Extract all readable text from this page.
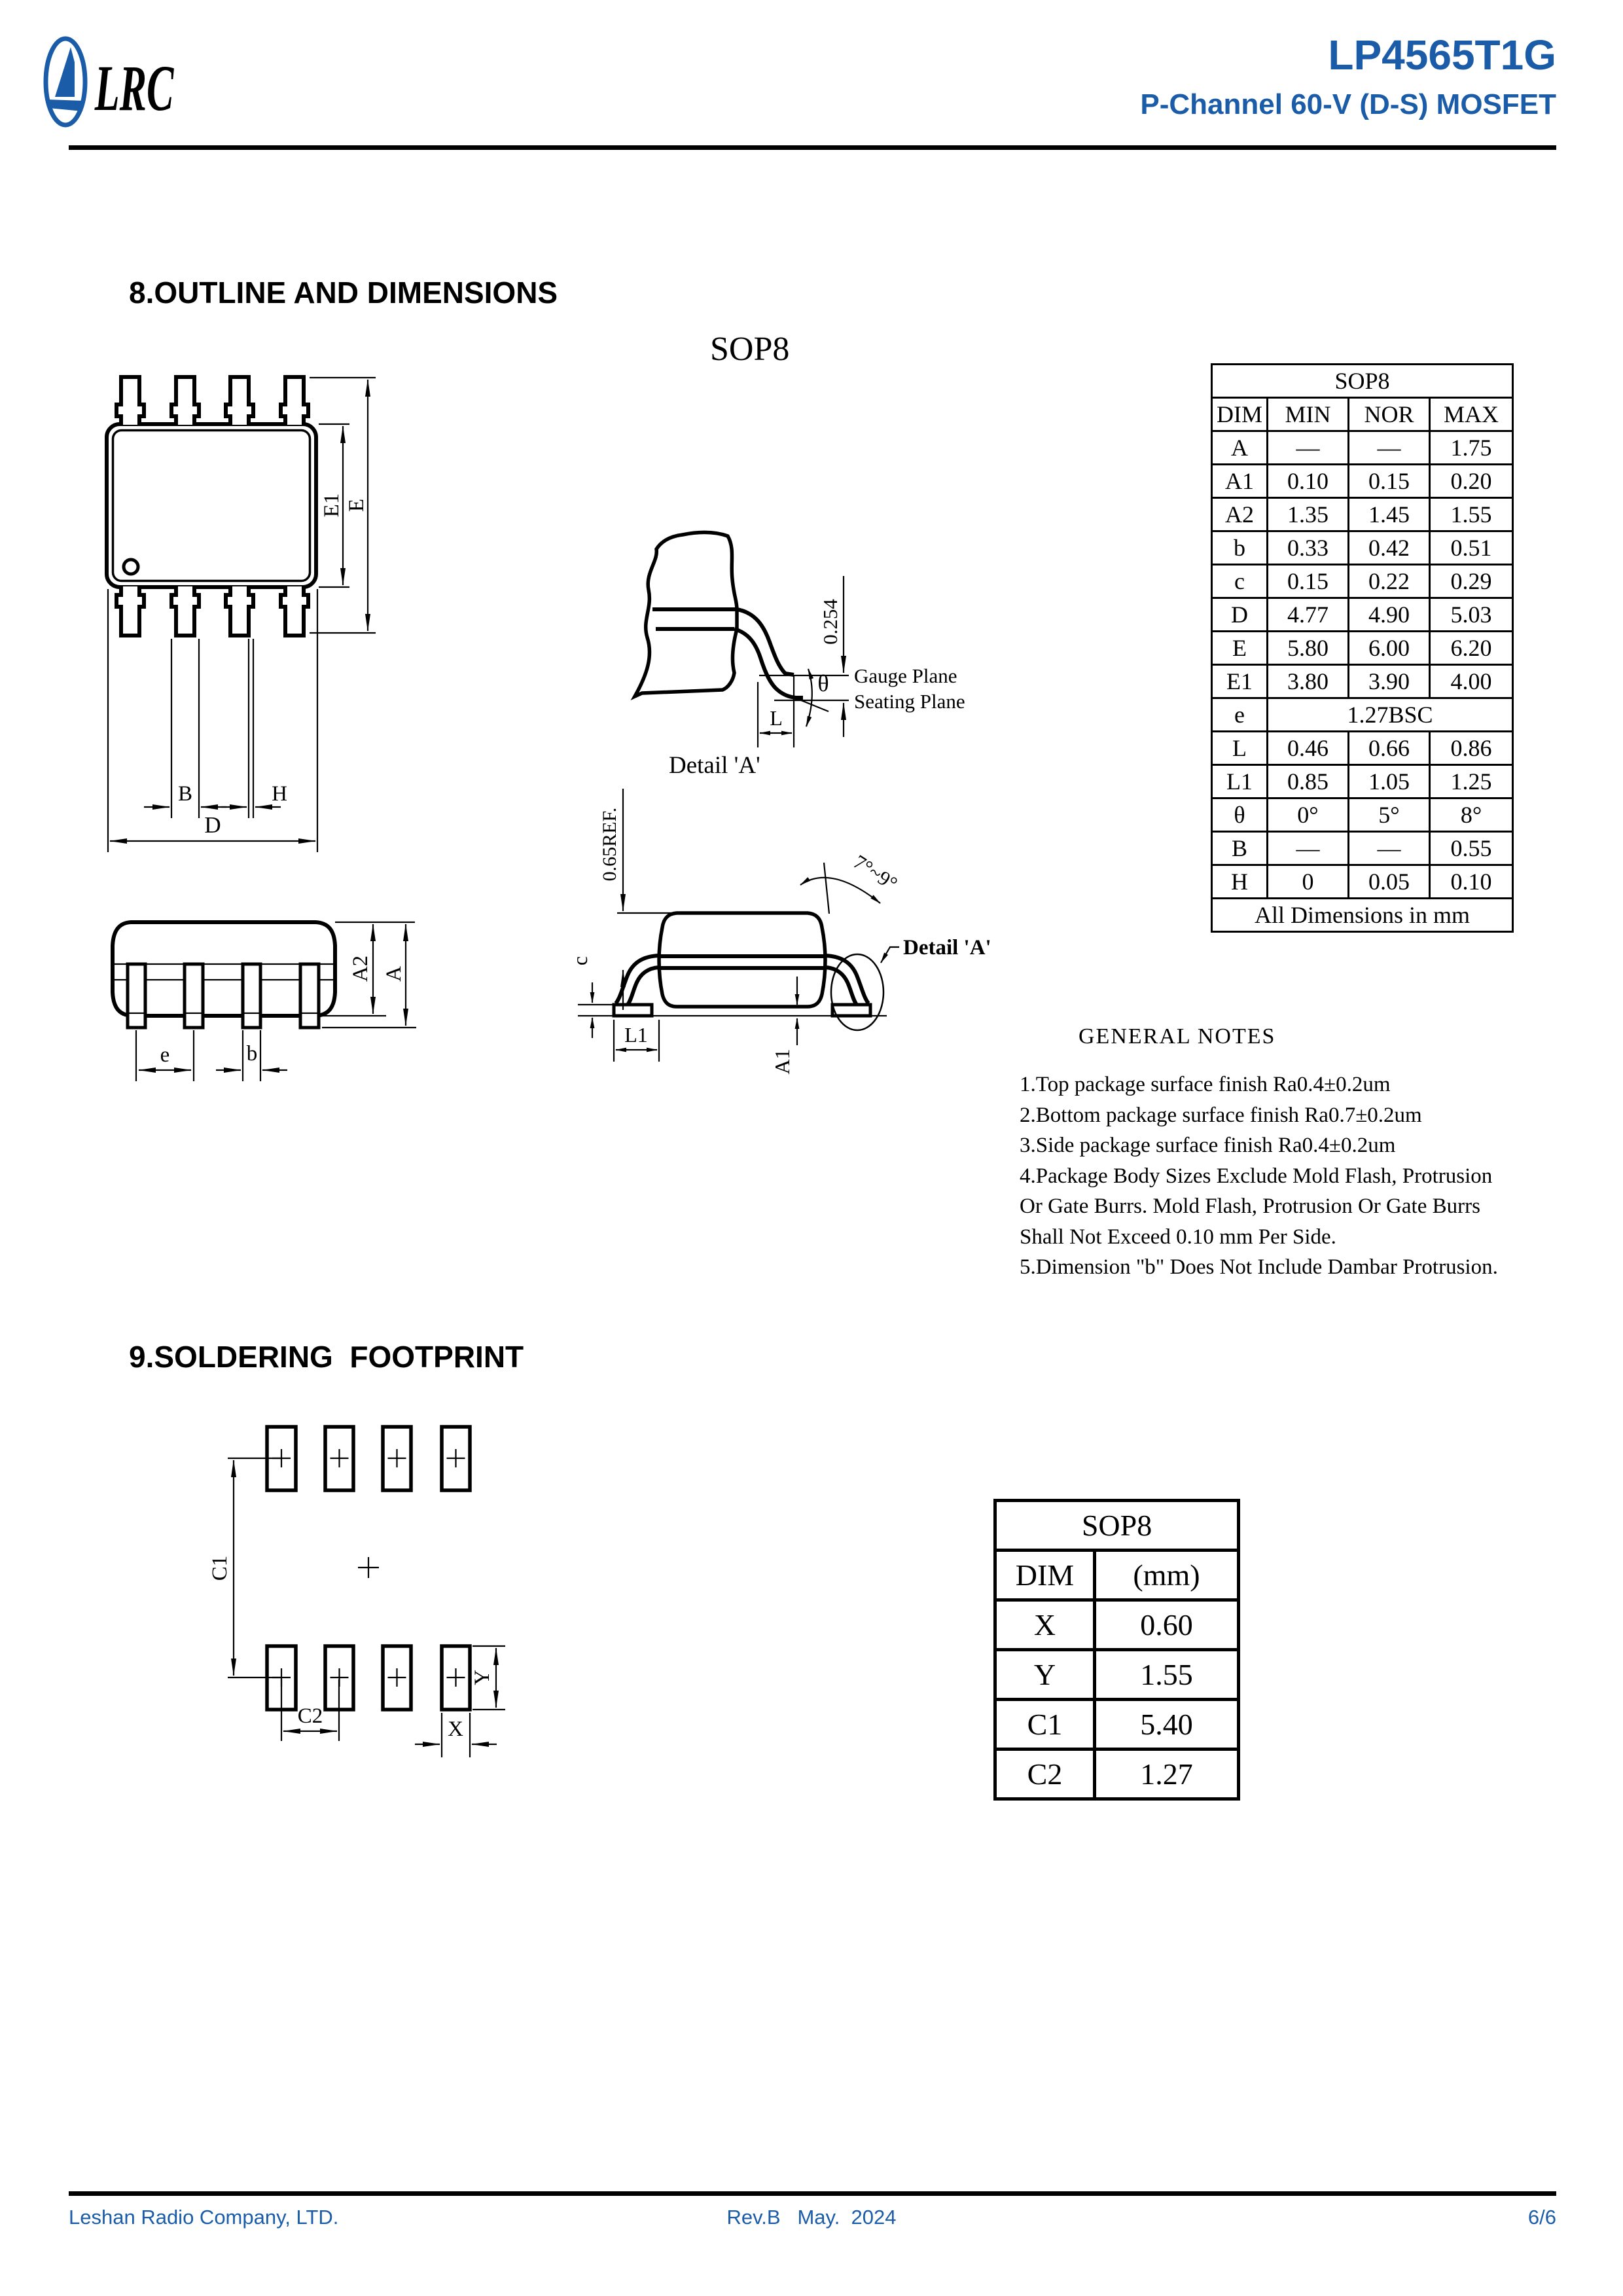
LRC	LP4565T1G
P-Channel 60-V (D-S) MOSFET
8.OUTLINE AND DIMENSIONS
SOP8
E1 E
D
B	H
θ
0.254
L
Gauge Plane
Seating Plane
Detail 'A'
A2 A
e	b
0.65REF.
c
L1
A1
7°~9°
Detail 'A'
SOP8			
DIM	MIN	NOR	MAX
A	—	—	1.75
A1	0.10	0.15	0.20
A2	1.35	1.45	1.55
b	0.33	0.42	0.51
c	0.15	0.22	0.29
D	4.77	4.90	5.03
E	5.80	6.00	6.20
E1	3.80	3.90	4.00
e	1.27BSC		
L	0.46	0.66	0.86
L1	0.85	1.05	1.25
θ	0°	5°	8°
B	—	—	0.55
H	0	0.05	0.10
All Dimensions in mm			
GENERAL NOTES
1.Top package surface finish Ra0.4±0.2um
2.Bottom package surface finish Ra0.7±0.2um
3.Side package surface finish Ra0.4±0.2um
4.Package Body Sizes Exclude Mold Flash, Protrusion
Or Gate Burrs. Mold Flash, Protrusion Or Gate Burrs
Shall Not Exceed 0.10 mm Per Side.
5.Dimension "b" Does Not Include Dambar Protrusion.
9.SOLDERING  FOOTPRINT
C1
C2
X
Y
SOP8	
DIM	(mm)
X	0.60
Y	1.55
C1	5.40
C2	1.27
Leshan Radio Company, LTD.	Rev.B   May.  2024	6/6
